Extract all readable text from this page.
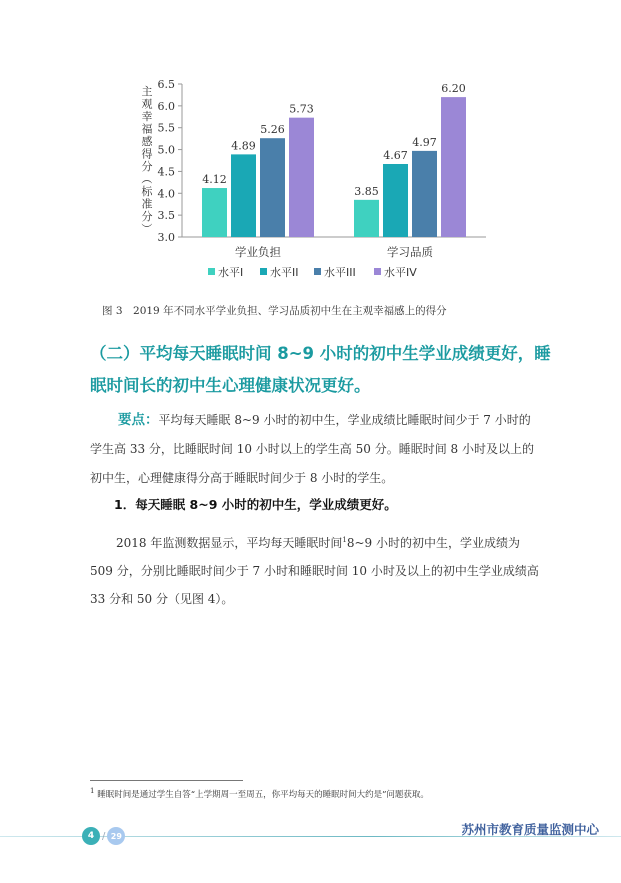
3.0
3.5
4.0
4.5
5.0
5.5
6.0
6.5
主
观
幸
福
感
得
分
（
标
准
分
）
4.12
4.89
5.26
5.73
学业负担
3.85
4.67
4.97
6.20
学习品质
水平I 水平II 水平III	水平IV
图 3　2019 年不同水平学业负担、学习品质初中生在主观幸福感上的得分
（二）平均每天睡眠时间 8~9 小时的初中生学业成绩更好，睡眠时间长的初中生心理健康状况更好。
要点：平均每天睡眠 8~9 小时的初中生，学业成绩比睡眠时间少于 7 小时的学生高 33 分，比睡眠时间 10 小时以上的学生高 50 分。睡眠时间 8 小时及以上的初中生，心理健康得分高于睡眠时间少于 8 小时的学生。
1．每天睡眠 8~9 小时的初中生，学业成绩更好。
2018 年监测数据显示，平均每天睡眠时间$^1$8~9 小时的初中生，学业成绩为 509 分，分别比睡眠时间少于 7 小时和睡眠时间 10 小时及以上的初中生学业成绩高 33 分和 50 分（见图 4）。
$^1$ 睡眠时间是通过学生自答“上学期周一至周五，你平均每天的睡眠时间大约是”问题获取。
4 / 29	苏州市教育质量监测中心
